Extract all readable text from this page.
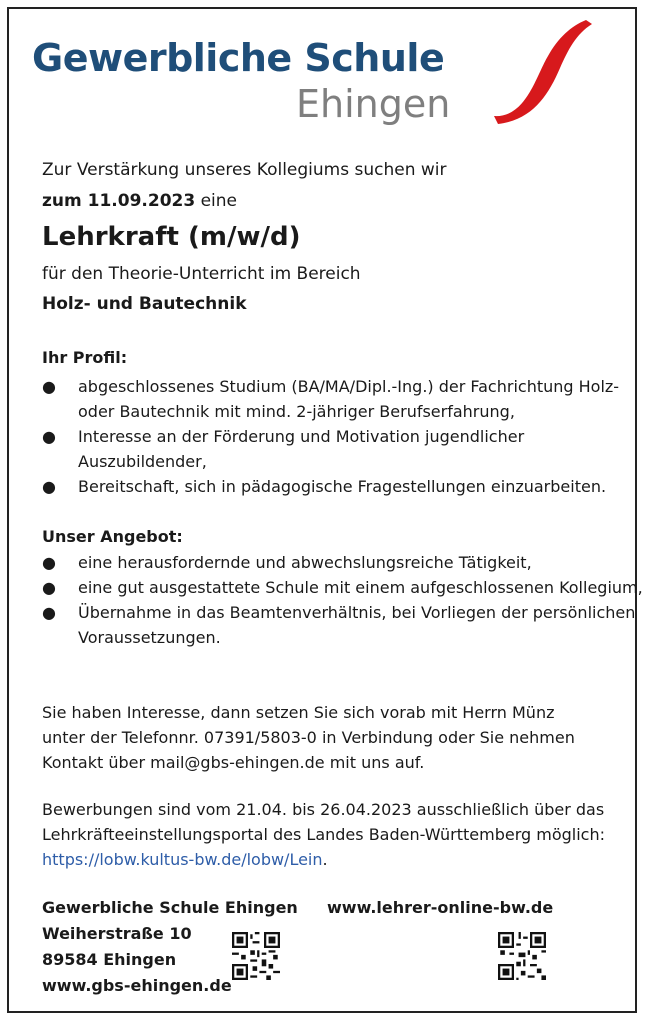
Gewerbliche Schule
Ehingen
Zur Verstärkung unseres Kollegiums suchen wir
zum 11.09.2023 eine
Lehrkraft (m/w/d)
für den Theorie-Unterricht im Bereich
Holz- und Bautechnik
Ihr Profil:
● abgeschlossenes Studium (BA/MA/Dipl.-Ing.) der Fachrichtung Holz- oder Bautechnik mit mind. 2-jähriger Berufserfahrung,
● Interesse an der Förderung und Motivation jugendlicher Auszubildender,
● Bereitschaft, sich in pädagogische Fragestellungen einzuarbeiten.
Unser Angebot:
● eine herausfordernde und abwechslungsreiche Tätigkeit,
● eine gut ausgestattete Schule mit einem aufgeschlossenen Kollegium,
● Übernahme in das Beamtenverhältnis, bei Vorliegen der persönlichen Voraussetzungen.
Sie haben Interesse, dann setzen Sie sich vorab mit Herrn Münz
unter der Telefonnr. 07391/5803-0 in Verbindung oder Sie nehmen
Kontakt über mail@gbs-ehingen.de mit uns auf.
Bewerbungen sind vom 21.04. bis 26.04.2023 ausschließlich über das
Lehrkräfteeinstellungsportal des Landes Baden-Württemberg möglich:
https://lobw.kultus-bw.de/lobw/Lein.
Gewerbliche Schule Ehingen
Weiherstraße 10
89584 Ehingen
www.gbs-ehingen.de
www.lehrer-online-bw.de
